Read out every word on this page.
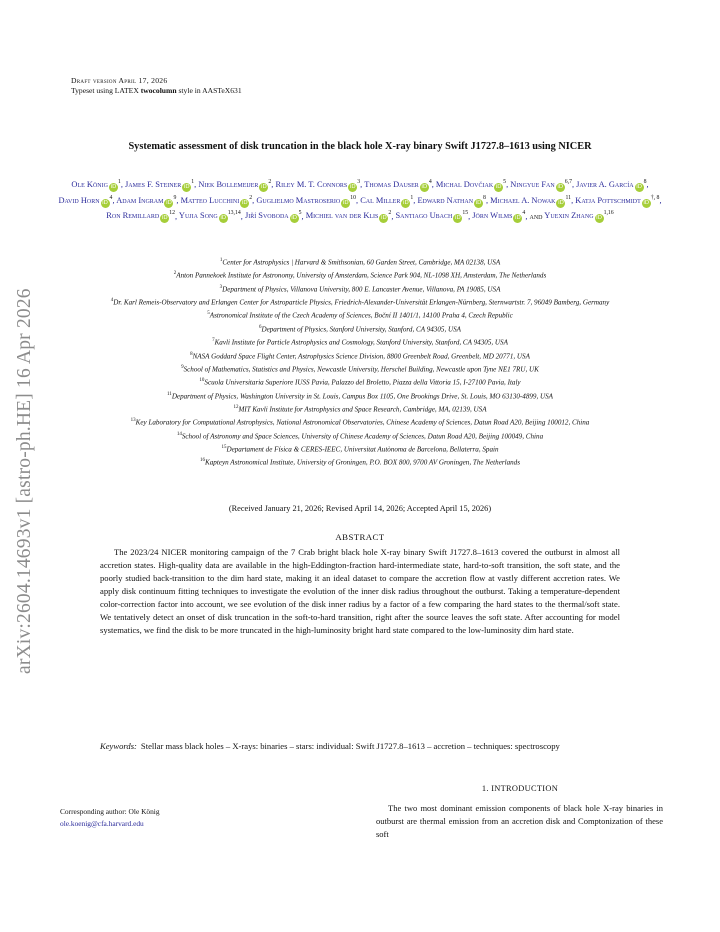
arXiv:2604.14693v1 [astro-ph.HE] 16 Apr 2026
Draft version April 17, 2026
Typeset using LATEX twocolumn style in AASTeX631
Systematic assessment of disk truncation in the black hole X-ray binary Swift J1727.8–1613 using NICER
Ole König $iD^1$, James F. Steiner $iD^1$, Niek Bollemeijer $iD^2$, Riley M. T. Connors $iD^3$, Thomas Dauser $iD^4$, Michal Dovčiak $iD^5$, Ningyue Fan iD$^{6,7}$, Javier A. García $iD^8$, David Horn $iD^4$, Adam Ingram $iD^9$, Matteo Lucchini $iD^2$, Guglielmo Mastroserio $iD^{10}$, Cal Miller $iD^1$, Edward Nathan $iD^8$, Michael A. Nowak $iD^{11}$, Katja Pottschmidt $iD^{\dagger, 8}$, Ron Remillard $iD^{12}$, Yujia Song iD$^{13,14}$, Jiří Svoboda $iD^5$, Michiel van der Klis $iD^2$, Santiago Ubach $iD^{15}$, Jörn Wilms $iD^4$, and Yuexin Zhang iD$^{1,16}$
$^1$Center for Astrophysics | Harvard & Smithsonian, 60 Garden Street, Cambridge, MA 02138, USA
$^2$Anton Pannekoek Institute for Astronomy, University of Amsterdam, Science Park 904, NL-1098 XH, Amsterdam, The Netherlands
$^3$Department of Physics, Villanova University, 800 E. Lancaster Avenue, Villanova, PA 19085, USA
$^4$Dr. Karl Remeis-Observatory and Erlangen Center for Astroparticle Physics, Friedrich-Alexander-Universität Erlangen-Nürnberg, Sternwartstr. 7, 96049 Bamberg, Germany
$^5$Astronomical Institute of the Czech Academy of Sciences, Boční II 1401/1, 14100 Praha 4, Czech Republic
$^6$Department of Physics, Stanford University, Stanford, CA 94305, USA
$^7$Kavli Institute for Particle Astrophysics and Cosmology, Stanford University, Stanford, CA 94305, USA
$^8$NASA Goddard Space Flight Center, Astrophysics Science Division, 8800 Greenbelt Road, Greenbelt, MD 20771, USA
$^9$School of Mathematics, Statistics and Physics, Newcastle University, Herschel Building, Newcastle upon Tyne NE1 7RU, UK
$^{10}$Scuola Universitaria Superiore IUSS Pavia, Palazzo del Broletto, Piazza della Vittoria 15, I-27100 Pavia, Italy
$^{11}$Department of Physics, Washington University in St. Louis, Campus Box 1105, One Brookings Drive, St. Louis, MO 63130-4899, USA
$^{12}$MIT Kavli Institute for Astrophysics and Space Research, Cambridge, MA, 02139, USA
$^{13}$Key Laboratory for Computational Astrophysics, National Astronomical Observatories, Chinese Academy of Sciences, Datun Road A20, Beijing 100012, China
$^{14}$School of Astronomy and Space Sciences, University of Chinese Academy of Sciences, Datun Road A20, Beijing 100049, China
$^{15}$Departament de Física & CERES-IEEC, Universitat Autònoma de Barcelona, Bellaterra, Spain
$^{16}$Kapteyn Astronomical Institute, University of Groningen, P.O. BOX 800, 9700 AV Groningen, The Netherlands
(Received January 21, 2026; Revised April 14, 2026; Accepted April 15, 2026)
ABSTRACT
The 2023/24 NICER monitoring campaign of the 7 Crab bright black hole X-ray binary Swift J1727.8–1613 covered the outburst in almost all accretion states. High-quality data are available in the high-Eddington-fraction hard-intermediate state, hard-to-soft transition, the soft state, and the poorly studied back-transition to the dim hard state, making it an ideal dataset to compare the accretion flow at vastly different accretion rates. We apply disk continuum fitting techniques to investigate the evolution of the inner disk radius throughout the outburst. Taking a temperature-dependent color-correction factor into account, we see evolution of the disk inner radius by a factor of a few comparing the hard states to the thermal/soft state. We tentatively detect an onset of disk truncation in the soft-to-hard transition, right after the source leaves the soft state. After accounting for model systematics, we find the disk to be more truncated in the high-luminosity bright hard state compared to the low-luminosity dim hard state.
Keywords: Stellar mass black holes – X-rays: binaries – stars: individual: Swift J1727.8–1613 – accretion – techniques: spectroscopy
1. INTRODUCTION
The two most dominant emission components of black hole X-ray binaries in outburst are thermal emission from an accretion disk and Comptonization of these soft
Corresponding author: Ole König
ole.koenig@cfa.harvard.edu
